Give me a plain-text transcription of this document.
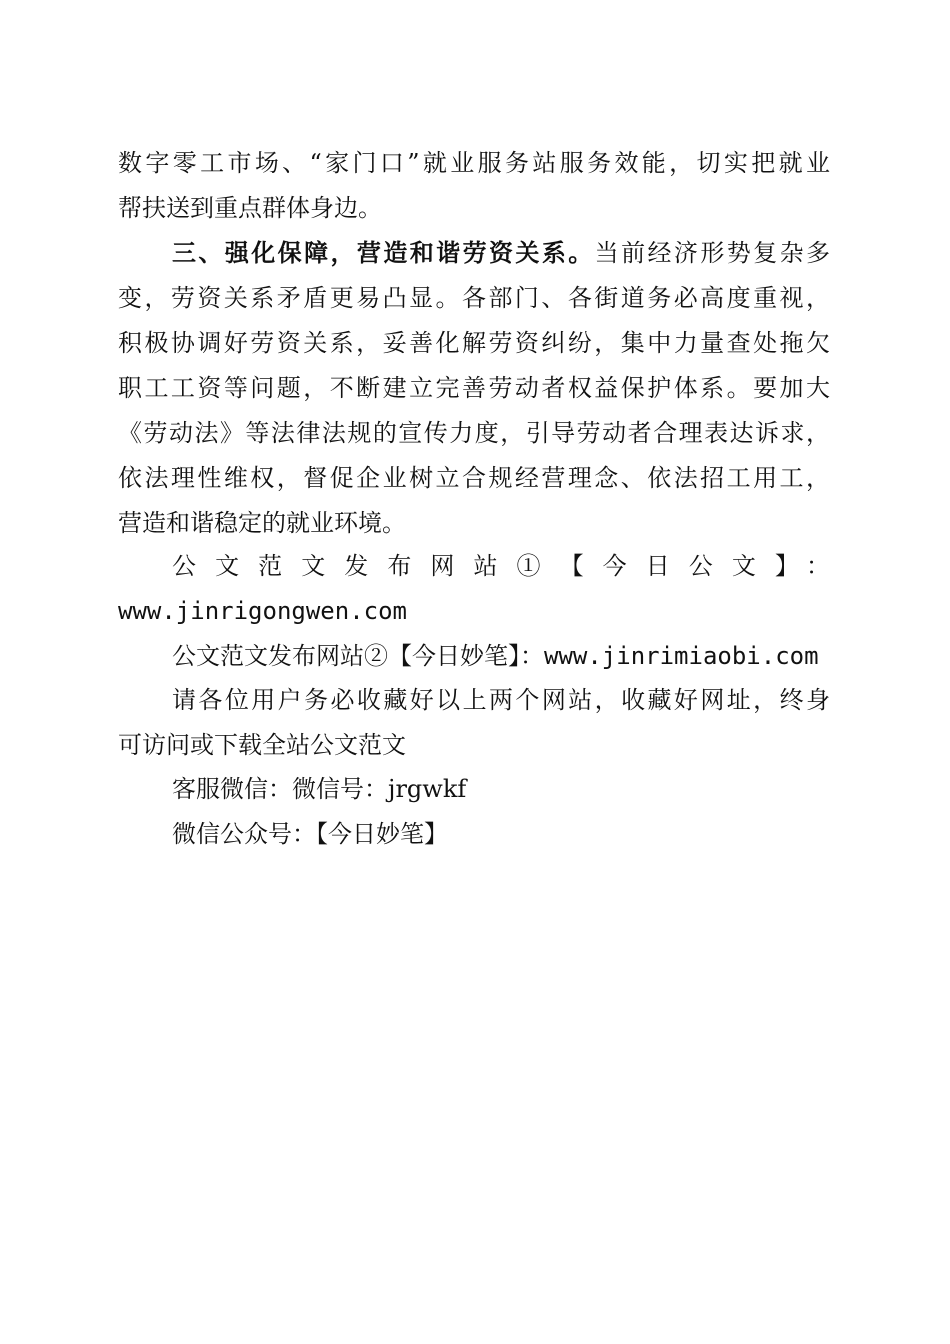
数字零工市场、“家门口”就业服务站服务效能，切实把就业
帮扶送到重点群体身边。
三、强化保障，营造和谐劳资关系。当前经济形势复杂多
变，劳资关系矛盾更易凸显。各部门、各街道务必高度重视，
积极协调好劳资关系，妥善化解劳资纠纷，集中力量查处拖欠
职工工资等问题，不断建立完善劳动者权益保护体系。要加大
《劳动法》等法律法规的宣传力度，引导劳动者合理表达诉求，
依法理性维权，督促企业树立合规经营理念、依法招工用工，
营造和谐稳定的就业环境。
公文范文发布网站①【今日公文】：
www.jinrigongwen.com
公文范文发布网站②【今日妙笔】：www.jinrimiaobi.com
请各位用户务必收藏好以上两个网站，收藏好网址，终身
可访问或下载全站公文范文
客服微信：微信号：jrgwkf
微信公众号：【今日妙笔】
